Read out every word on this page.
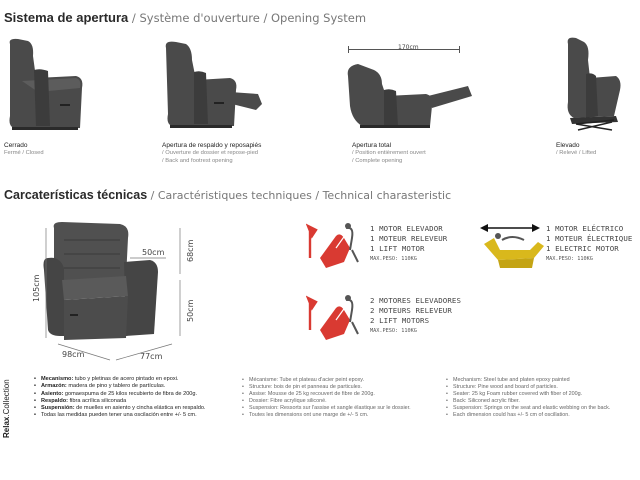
Sistema de apertura / Système d'ouverture / Opening System
170cm
Cerrado
Fermé / Closed
Apertura de respaldo y reposapiés
/ Ouverture de dossier et repose-pied
/ Back and footrest opening
Apertura total
/ Position entièrement ouvert
/ Complete opening
Elevado
/ Relevé / Lifted
Carcaterísticas técnicas / Caractéristiques techniques / Technical charasteristic
105cm
68cm
50cm
50cm
98cm	77cm
1 MOTOR ELEVADOR
1 MOTEUR RELEVEUR
1 LIFT MOTOR
MAX.PESO: 110KG
1 MOTOR ELÉCTRICO
1 MOTEUR ÉLECTRIQUE
1 ELECTRIC MOTOR
MAX.PESO: 110KG
2 MOTORES ELEVADORES
2 MOTEURS RELEVEUR
2 LIFT MOTORS
MAX.PESO: 110KG
Relax.Collection
• Mecanismo: tubo y pletinas de acero pintado en epoxi.
• Armazón: madera de pino y tablero de partículas.
• Asiento: gomaespuma de 25 kilos recubierto de fibra de 200g.
• Respaldo: fibra acrílica siliconada
• Suspensión: de muelles en asiento y cincha elástica en respaldo.
• Todas las medidas pueden tener una oscilación entre +/- 5 cm.
• Mécanisme: Tube et plateau d'acier peint epoxy.
• Structure: bois de pin et panneau de particules.
• Assise: Mousse de 25 kg recouvert de fibre de 200g.
• Dossier: Fibre acrylique siliconé.
• Suspension: Ressorts sur l'assise et sangle élastique sur le dossier.
• Toutes les dimensions ont une marge de +/- 5 cm.
• Mechanism: Steel tube and platen epoxy painted
• Structure: Pine wood and board of particles.
• Seater: 25 kg Foam rubber covered with fiber of 200g.
• Back: Siliconed acrylic fiber.
• Suspension: Springs on the seat and elastic webbing on the back.
• Each dimension could has +/- 5 cm of oscillation.
